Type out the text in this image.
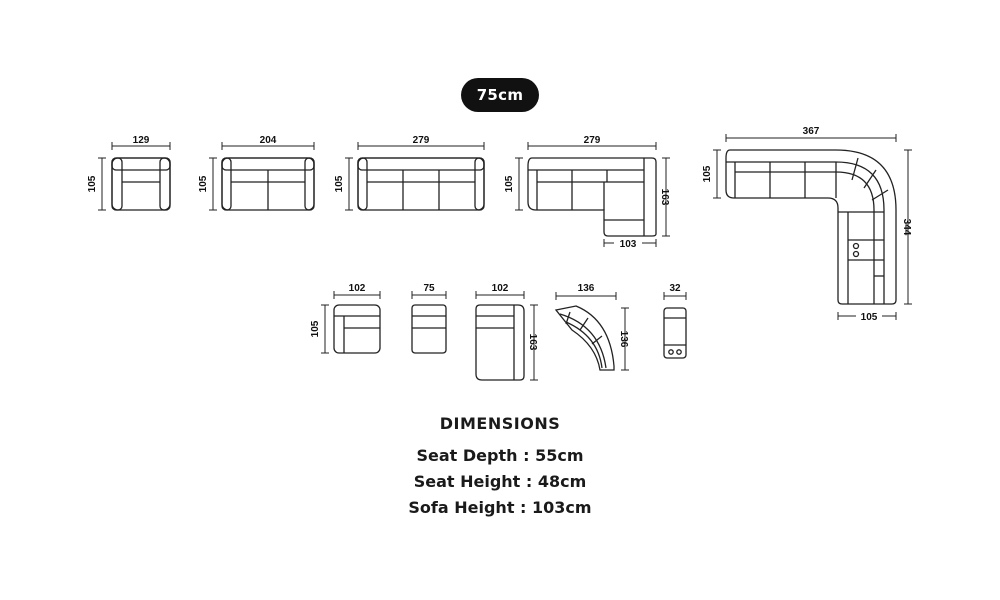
75cm
129
105
204
105
279
105
279
105
163
103
367
105
344
105
102
105
75	102
163
136
136
32
DIMENSIONS
Seat Depth : 55cm
Seat Height : 48cm
Sofa Height : 103cm
